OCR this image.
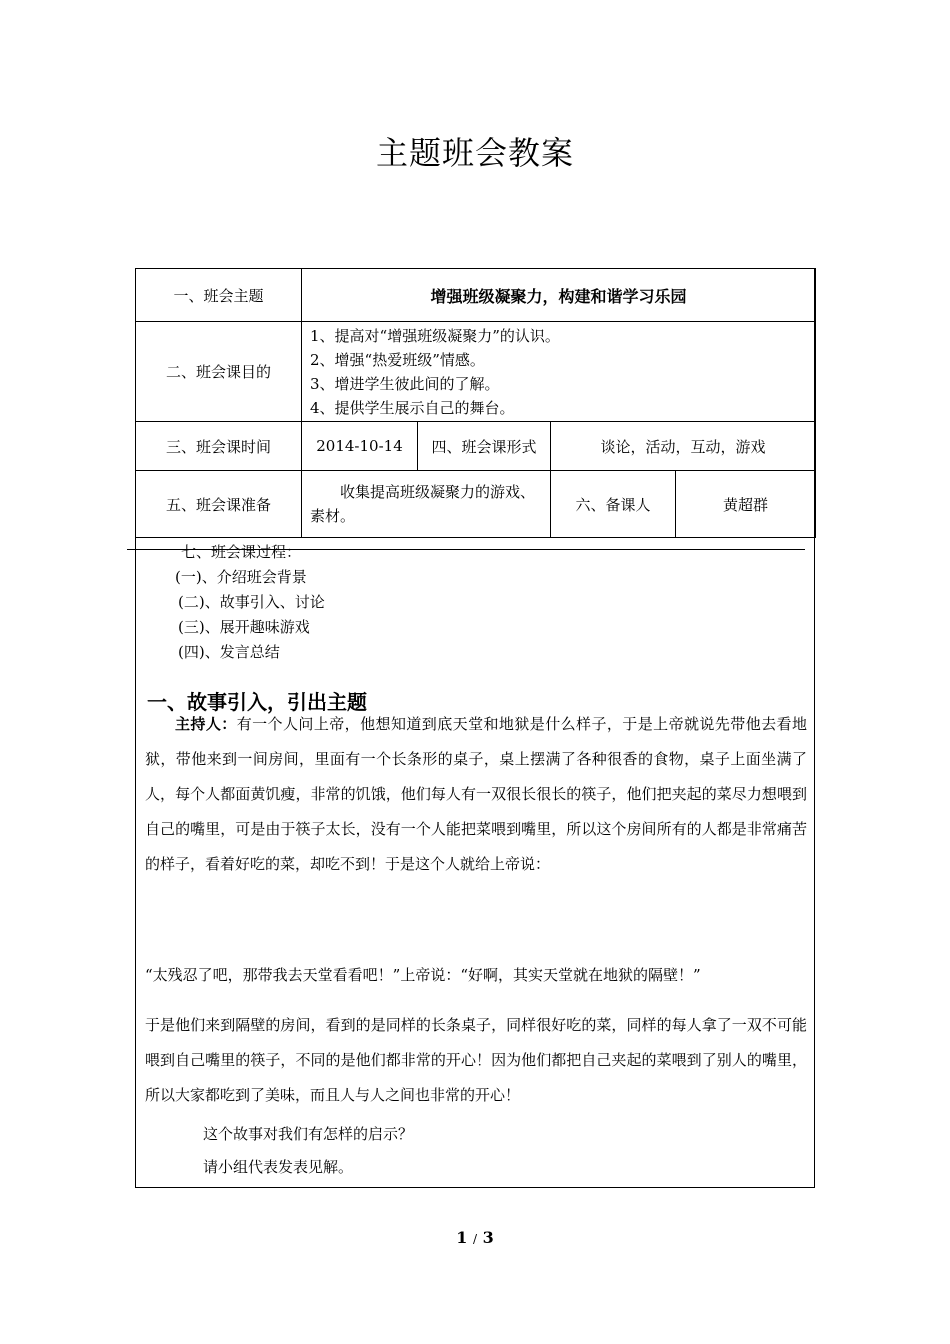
主题班会教案
一、班会主题	增强班级凝聚力，构建和谐学习乐园			
二、班会课目的	1、提高对“增强班级凝聚力”的认识。
2、增强“热爱班级”情感。
3、增进学生彼此间的了解。
4、提供学生展示自己的舞台。			

三、班会课时间	2014-10-14	四、班会课形式	谈论，活动，互动，游戏	
五、班会课准备	收集提高班级凝聚力的游戏、素材。		六、备课人	黄超群
七、班会课过程：
(一)、介绍班会背景
(二)、故事引入、讨论
(三)、展开趣味游戏
(四)、发言总结
一、故事引入，引出主题
主持人：有一个人问上帝，他想知道到底天堂和地狱是什么样子，于是上帝就说先带他去看地狱，带他来到一间房间，里面有一个长条形的桌子，桌上摆满了各种很香的食物，桌子上面坐满了人，每个人都面黄饥瘦，非常的饥饿，他们每人有一双很长很长的筷子，他们把夹起的菜尽力想喂到自己的嘴里，可是由于筷子太长，没有一个人能把菜喂到嘴里，所以这个房间所有的人都是非常痛苦的样子，看着好吃的菜，却吃不到！于是这个人就给上帝说：
“太残忍了吧，那带我去天堂看看吧！”上帝说：“好啊，其实天堂就在地狱的隔壁！”
于是他们来到隔壁的房间，看到的是同样的长条桌子，同样很好吃的菜，同样的每人拿了一双不可能喂到自己嘴里的筷子，不同的是他们都非常的开心！因为他们都把自己夹起的菜喂到了别人的嘴里，所以大家都吃到了美味，而且人与人之间也非常的开心！
这个故事对我们有怎样的启示？
请小组代表发表见解。
1 / 3
